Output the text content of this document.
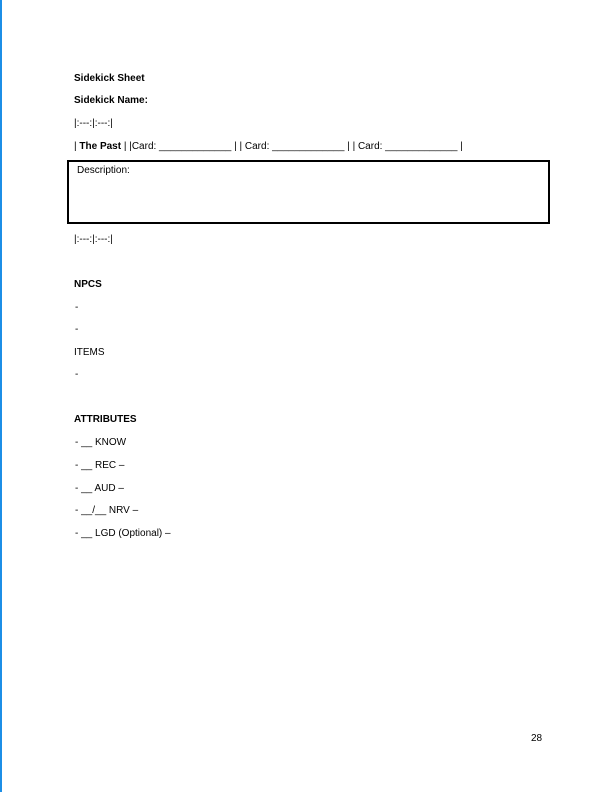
Sidekick Sheet
Sidekick Name:
|:---:|:---:|
| The Past | |Card: _____________ | | Card: _____________ | | Card: _____________ |
Description:
|:---:|:---:|
NPCS
-
-
ITEMS
-
ATTRIBUTES
- __ KNOW
- __ REC –
- __ AUD –
- __/__ NRV –
- __ LGD (Optional) –
28
